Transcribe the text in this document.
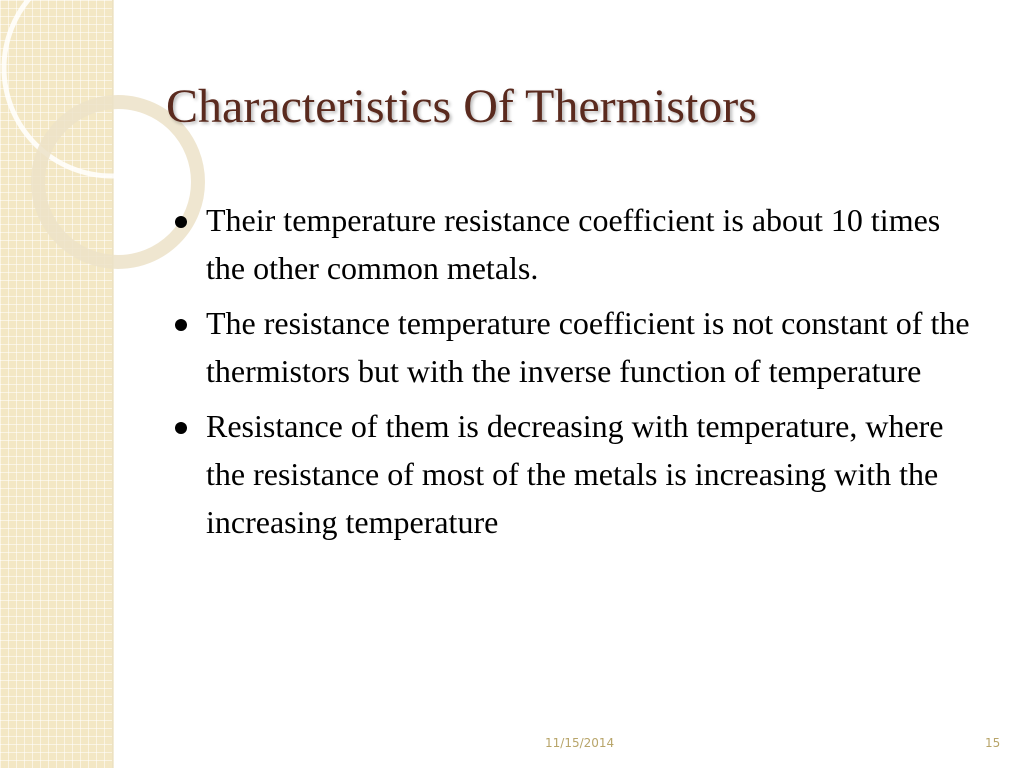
Characteristics Of Thermistors
Their temperature resistance coefficient is about 10 times the other common metals.
The resistance temperature coefficient is not constant of the thermistors but with the inverse function of temperature
Resistance of them is decreasing with temperature, where the resistance of most of the metals is increasing with the increasing temperature
11/15/2014	15
